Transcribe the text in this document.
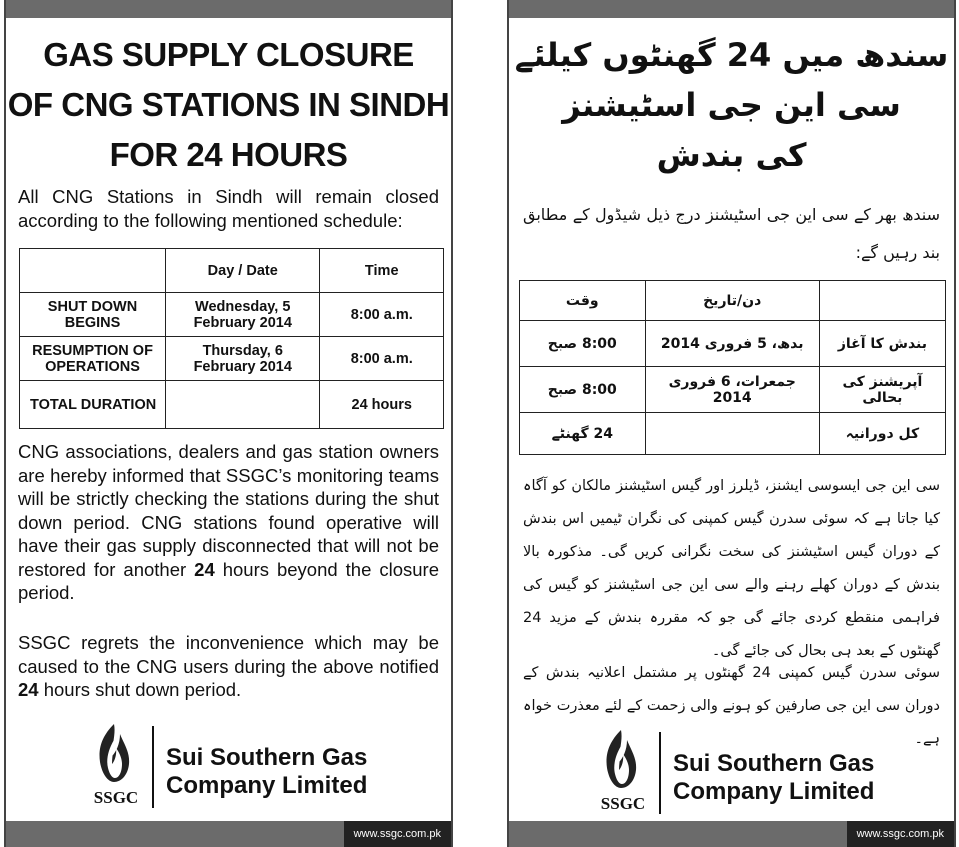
GAS SUPPLY CLOSURE
OF CNG STATIONS IN SINDH
FOR 24 HOURS
All CNG Stations in Sindh will remain closed according to the following mentioned schedule:
	Day / Date	Time
SHUT DOWN BEGINS	Wednesday, 5 February 2014	8:00 a.m.
RESUMPTION OF OPERATIONS	Thursday, 6 February 2014	8:00 a.m.
TOTAL DURATION		24 hours
CNG associations, dealers and gas station owners are hereby informed that SSGC’s monitoring teams will be strictly checking the stations during the shut down period. CNG stations found operative will have their gas supply disconnected that will not be restored for another 24 hours beyond the closure period.
SSGC regrets the inconvenience which may be caused to the CNG users during the above notified 24 hours shut down period.
SSGC
Sui Southern Gas
Company Limited
www.ssgc.com.pk
سندھ میں 24 گھنٹوں کیلئے
سی این جی اسٹیشنز
کی بندش
سندھ بھر کے سی این جی اسٹیشنز درج ذیل شیڈول کے مطابق بند رہیں گے:
	دن/تاریخ	وقت
بندش کا آغاز	بدھ، 5 فروری 2014	8:00 صبح
آپریشنز کی بحالی	جمعرات، 6 فروری 2014	8:00 صبح
کل دورانیہ		24 گھنٹے
سی این جی ایسوسی ایشنز، ڈیلرز اور گیس اسٹیشنز مالکان کو آگاہ کیا جاتا ہے کہ سوئی سدرن گیس کمپنی کی نگران ٹیمیں اس بندش کے دوران گیس اسٹیشنز کی سخت نگرانی کریں گی۔ مذکورہ بالا بندش کے دوران کھلے رہنے والے سی این جی اسٹیشنز کو گیس کی فراہمی منقطع کردی جائے گی جو کہ مقررہ بندش کے مزید 24 گھنٹوں کے بعد ہی بحال کی جائے گی۔
سوئی سدرن گیس کمپنی 24 گھنٹوں پر مشتمل اعلانیہ بندش کے دوران سی این جی صارفین کو ہونے والی زحمت کے لئے معذرت خواہ ہے۔
SSGC
Sui Southern Gas
Company Limited
www.ssgc.com.pk
